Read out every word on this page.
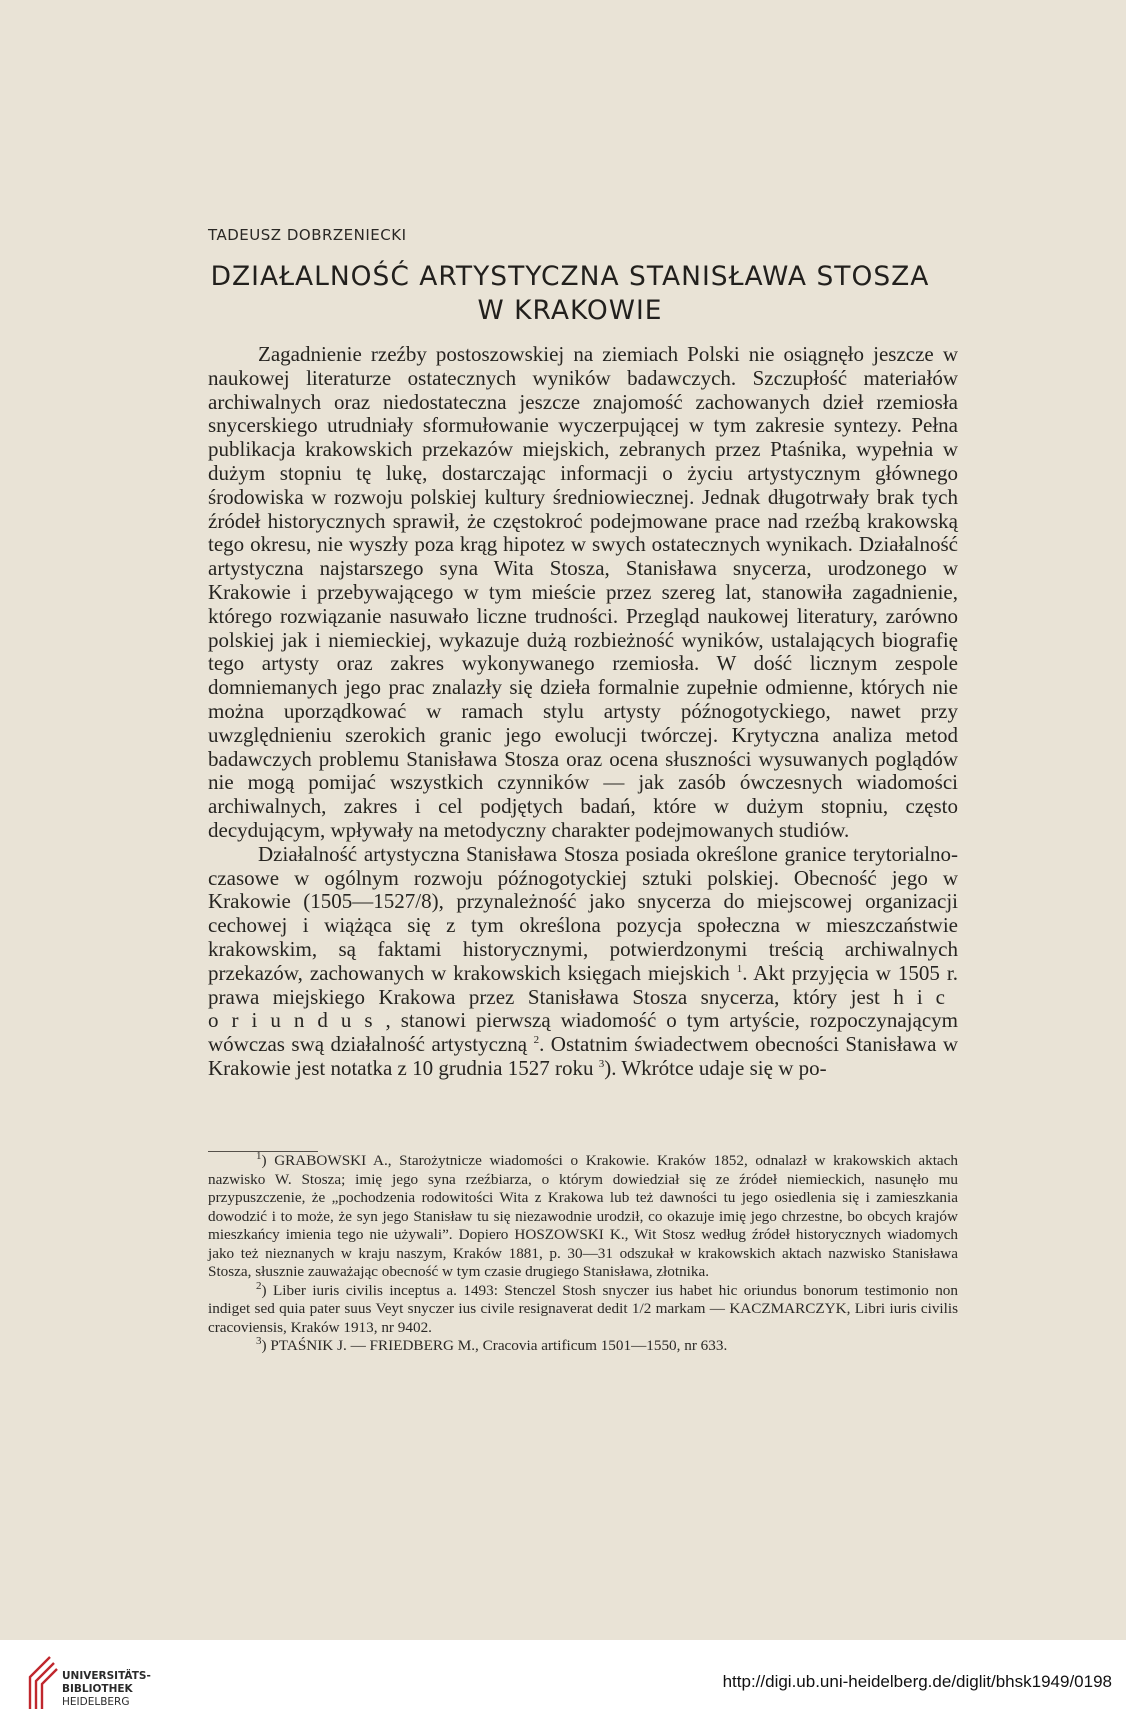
TADEUSZ DOBRZENIECKI

DZIAŁALNOŚĆ ARTYSTYCZNA STANISŁAWA STOSZA
W KRAKOWIE

Zagadnienie rzeźby postoszowskiej na ziemiach Polski nie osiągnęło jeszcze w naukowej literaturze ostatecznych wyników badawczych. Szczupłość materiałów archiwalnych oraz niedostateczna jeszcze znajomość zachowanych dzieł rzemiosła snycerskiego utrudniały sformułowanie wyczerpującej w tym zakresie syntezy. Pełna publikacja krakowskich przekazów miejskich, zebranych przez Ptaśnika, wypełnia w dużym stopniu tę lukę, dostarczając informacji o życiu artystycznym głównego środowiska w rozwoju polskiej kultury średniowiecznej. Jednak długotrwały brak tych źródeł historycznych sprawił, że częstokroć podejmowane prace nad rzeźbą krakowską tego okresu, nie wyszły poza krąg hipotez w swych ostatecznych wynikach. Działalność artystyczna najstarszego syna Wita Stosza, Stanisława snycerza, urodzonego w Krakowie i przebywającego w tym mieście przez szereg lat, stanowiła zagadnienie, którego rozwiązanie nasuwało liczne trudności. Przegląd naukowej literatury, zarówno polskiej jak i niemieckiej, wykazuje dużą rozbieżność wyników, ustalających biografię tego artysty oraz zakres wykonywanego rzemiosła. W dość licznym zespole domniemanych jego prac znalazły się dzieła formalnie zupełnie odmienne, których nie można uporządkować w ramach stylu artysty późnogotyckiego, nawet przy uwzględnieniu szerokich granic jego ewolucji twórczej. Krytyczna analiza metod badawczych problemu Stanisława Stosza oraz ocena słuszności wysuwanych poglądów nie mogą pomijać wszystkich czynników — jak zasób ówczesnych wiadomości archiwalnych, zakres i cel podjętych badań, które w dużym stopniu, często decydującym, wpływały na metodyczny charakter podejmowanych studiów.

Działalność artystyczna Stanisława Stosza posiada określone granice terytorialno-czasowe w ogólnym rozwoju późnogotyckiej sztuki polskiej. Obecność jego w Krakowie (1505—1527/8), przynależność jako snycerza do miejscowej organizacji cechowej i wiążąca się z tym określona pozycja społeczna w mieszczaństwie krakowskim, są faktami historycznymi, potwierdzonymi treścią archiwalnych przekazów, zachowanych w krakowskich księgach miejskich $^1$. Akt przyjęcia w 1505 r. prawa miejskiego Krakowa przez Stanisława Stosza snycerza, który jest hic oriundus, stanowi pierwszą wiadomość o tym artyście, rozpoczynającym wówczas swą działalność artystyczną $^2$. Ostatnim świadectwem obecności Stanisława w Krakowie jest notatka z 10 grudnia 1527 roku $^3$). Wkrótce udaje się w po-

$^1$) GRABOWSKI A., Starożytnicze wiadomości o Krakowie. Kraków 1852, odnalazł w krakowskich aktach nazwisko W. Stosza; imię jego syna rzeźbiarza, o którym dowiedział się ze źródeł niemieckich, nasunęło mu przypuszczenie, że „pochodzenia rodowitości Wita z Krakowa lub też dawności tu jego osiedlenia się i zamieszkania dowodzić i to może, że syn jego Stanisław tu się niezawodnie urodził, co okazuje imię jego chrzestne, bo obcych krajów mieszkańcy imienia tego nie używali”. Dopiero HOSZOWSKI K., Wit Stosz według źródeł historycznych wiadomych jako też nieznanych w kraju naszym, Kraków 1881, p. 30—31 odszukał w krakowskich aktach nazwisko Stanisława Stosza, słusznie zauważając obecność w tym czasie drugiego Stanisława, złotnika.

$^2$) Liber iuris civilis inceptus a. 1493: Stenczel Stosh snyczer ius habet hic oriundus bonorum testimonio non indiget sed quia pater suus Veyt snyczer ius civile resignaverat dedit 1/2 markam — KACZMARCZYK, Libri iuris civilis cracoviensis, Kraków 1913, nr 9402.

$^3$) PTAŚNIK J. — FRIEDBERG M., Cracovia artificum 1501—1550, nr 633.

UNIVERSITÄTS-
BIBLIOTHEK
HEIDELBERG
http://digi.ub.uni-heidelberg.de/diglit/bhsk1949/0198
